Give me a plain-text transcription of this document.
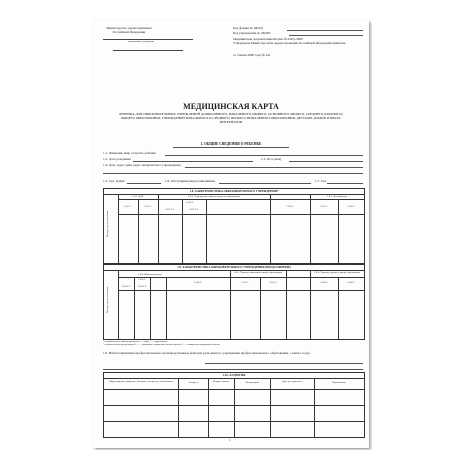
Министерство здравоохранения Российской Федерации
наименование учреждения
Код формы по ОКУД
Код учреждения по ОКПО
Медицинская документация Форма № 026/у-2000
Утверждена Министерством здравоохранения Российской Федерации приказом
от 3 июля 2000 года № 241
МЕДИЦИНСКАЯ КАРТА
РЕБЕНКА ДЛЯ ОБРАЗОВАТЕЛЬНЫХ УЧРЕЖДЕНИЙ ДОШКОЛЬНОГО, НАЧАЛЬНОГО ОБЩЕГО, ОСНОВНОГО ОБЩЕГО, СРЕДНЕГО (ПОЛНОГО) ОБЩЕГО ОБРАЗОВАНИЯ, УЧРЕЖДЕНИЙ НАЧАЛЬНОГО И СРЕДНЕГО ПРОФЕССИОНАЛЬНОГО ОБРАЗОВАНИЯ, ДЕТСКИХ ДОМОВ И ШКОЛ-ИНТЕРНАТОВ
1. ОБЩИЕ СВЕДЕНИЯ О РЕБЕНКЕ
1.1. Фамилия, имя, отчество ребенка
1.2. Дата рождения	1.3. Пол (м/ж)
1.4. Дом. адрес (или адрес интернатного учреждения)
1.5. Тел. м/жит.	1.6. Обслуживающая поликлиника	1.7. Тел.
1.8. ХАРАКТЕРИСТИКА ОБРАЗОВАТЕЛЬНОГО УЧРЕЖДЕНИЯ*
Месяц, год поступления
1.8.1. ДДУ	1.8.2. Учреждение общего среднего образования	1.8.3. Детский дом
1.8.1.1.	1.8.1.2.
1.8.2.1.
1.8.2.1.1.	1.8.2.1.2.
1.8.2.2.	1.8.3.1.	1.8.3.2.
1.8. ХАРАКТЕРИСТИКА ОБРАЗОВАТЕЛЬНОГО УЧРЕЖДЕНИЯ (ПРОДОЛЖЕНИЕ)
Месяц, год поступления
1.8.4. Школа-интернат
1.8.5. Учрежд. начального проф. образования	1.8.6. Учрежд. среднего проф. образования
1.8.4.1.
1.8.4.1.1.	1.8.4.1.2.
1.8.4.2.	1.8.5.1.	1.8.5.2.	1.8.6.1.	1.8.6.2.
* в ячейки вносится характер учреждения 1. — общее, 2. — коррекционное.
* в ячейки вносится вид учреждения 1. — — гуманитарное направление учебного процесса 2. — с повышенным содержанием обучения.
1.9. Неблагоприятные профессионально-производственные факторы (для данного учреждения профессионального образования, с какого года).
1.10. АЛЛЕРГИЯ
Вид(лекарства, пищевые, бытовые, аллергены, заболевания	Аллерген	Возраст начала	Тип реакции	Дата уст. диагноза	Примечания
1
